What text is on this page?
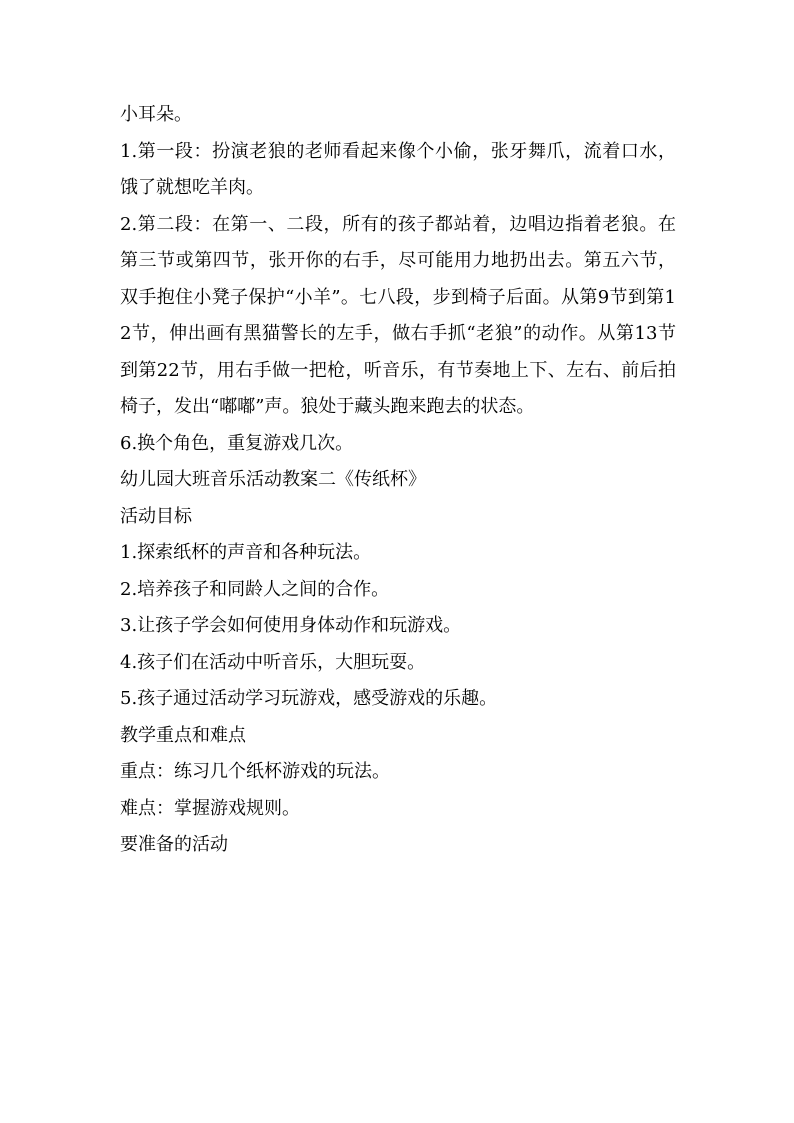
小耳朵。

1.第一段：扮演老狼的老师看起来像个小偷，张牙舞爪，流着口水，饿了就想吃羊肉。

2.第二段：在第一、二段，所有的孩子都站着，边唱边指着老狼。在第三节或第四节，张开你的右手，尽可能用力地扔出去。第五六节，双手抱住小凳子保护“小羊”。七八段，步到椅子后面。从第9节到第12节，伸出画有黑猫警长的左手，做右手抓“老狼”的动作。从第13节到第22节，用右手做一把枪，听音乐，有节奏地上下、左右、前后拍椅子，发出“嘟嘟”声。狼处于藏头跑来跑去的状态。

6.换个角色，重复游戏几次。

幼儿园大班音乐活动教案二《传纸杯》

活动目标

1.探索纸杯的声音和各种玩法。

2.培养孩子和同龄人之间的合作。

3.让孩子学会如何使用身体动作和玩游戏。

4.孩子们在活动中听音乐，大胆玩耍。

5.孩子通过活动学习玩游戏，感受游戏的乐趣。

教学重点和难点

重点：练习几个纸杯游戏的玩法。

难点：掌握游戏规则。

要准备的活动
